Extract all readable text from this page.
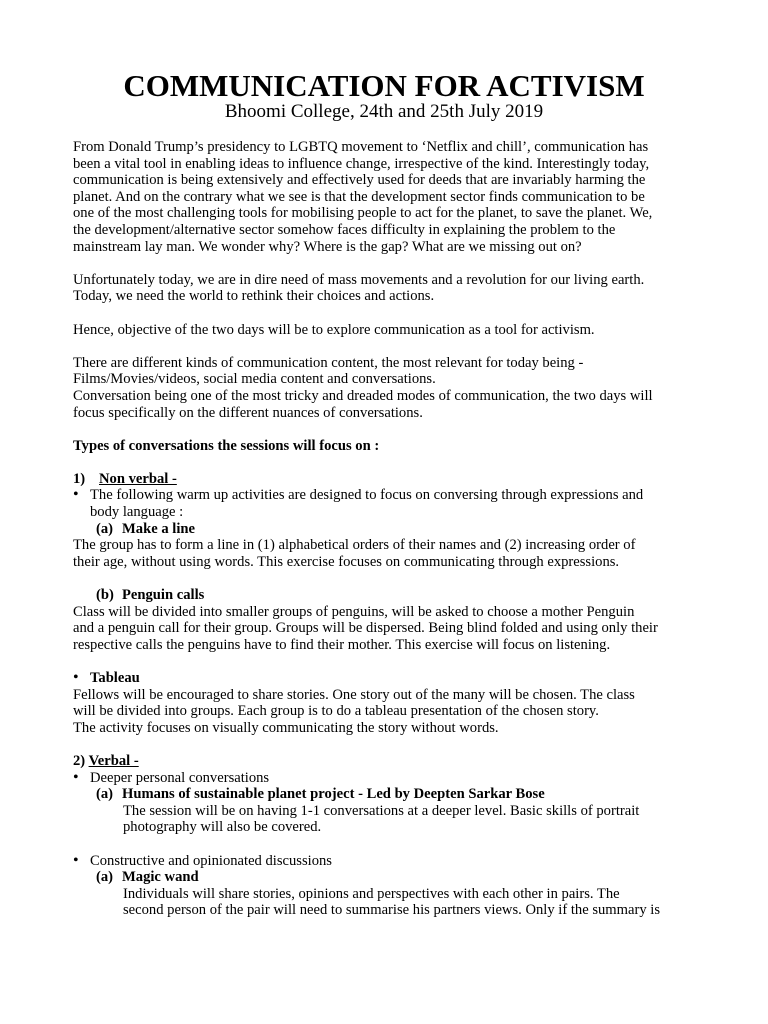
COMMUNICATION FOR ACTIVISM
Bhoomi College, 24th and 25th July 2019

From Donald Trump’s presidency to LGBTQ movement to ‘Netflix and chill’, communication has

been a vital tool in enabling ideas to influence change, irrespective of the kind. Interestingly today,

communication is being extensively and effectively used for deeds that are invariably harming the

planet. And on the contrary what we see is that the development sector finds communication to be

one of the most challenging tools for mobilising people to act for the planet, to save the planet. We,

the development/alternative sector somehow faces difficulty in explaining the problem to the

mainstream lay man. We wonder why? Where is the gap? What are we missing out on?

Unfortunately today, we are in dire need of mass movements and a revolution for our living earth.

Today, we need the world to rethink their choices and actions.

Hence, objective of the two days will be to explore communication as a tool for activism.

There are different kinds of communication content, the most relevant for today being -

Films/Movies/videos, social media content and conversations.

Conversation being one of the most tricky and dreaded modes of communication, the two days will

focus specifically on the different nuances of conversations.

Types of conversations the sessions will focus on :

1) Non verbal -

• The following warm up activities are designed to focus on conversing through expressions and

body language :

(a) Make a line

The group has to form a line in (1) alphabetical orders of their names and (2) increasing order of

their age, without using words. This exercise focuses on communicating through expressions.

(b) Penguin calls

Class will be divided into smaller groups of penguins, will be asked to choose a mother Penguin

and a penguin call for their group. Groups will be dispersed. Being blind folded and using only their

respective calls the penguins have to find their mother. This exercise will focus on listening.

• Tableau

Fellows will be encouraged to share stories. One story out of the many will be chosen. The class

will be divided into groups. Each group is to do a tableau presentation of the chosen story.

The activity focuses on visually communicating the story without words.

2) Verbal -

• Deeper personal conversations

(a) Humans of sustainable planet project - Led by Deepten Sarkar Bose

The session will be on having 1-1 conversations at a deeper level. Basic skills of portrait

photography will also be covered.

• Constructive and opinionated discussions

(a) Magic wand

Individuals will share stories, opinions and perspectives with each other in pairs. The

second person of the pair will need to summarise his partners views. Only if the summary is
